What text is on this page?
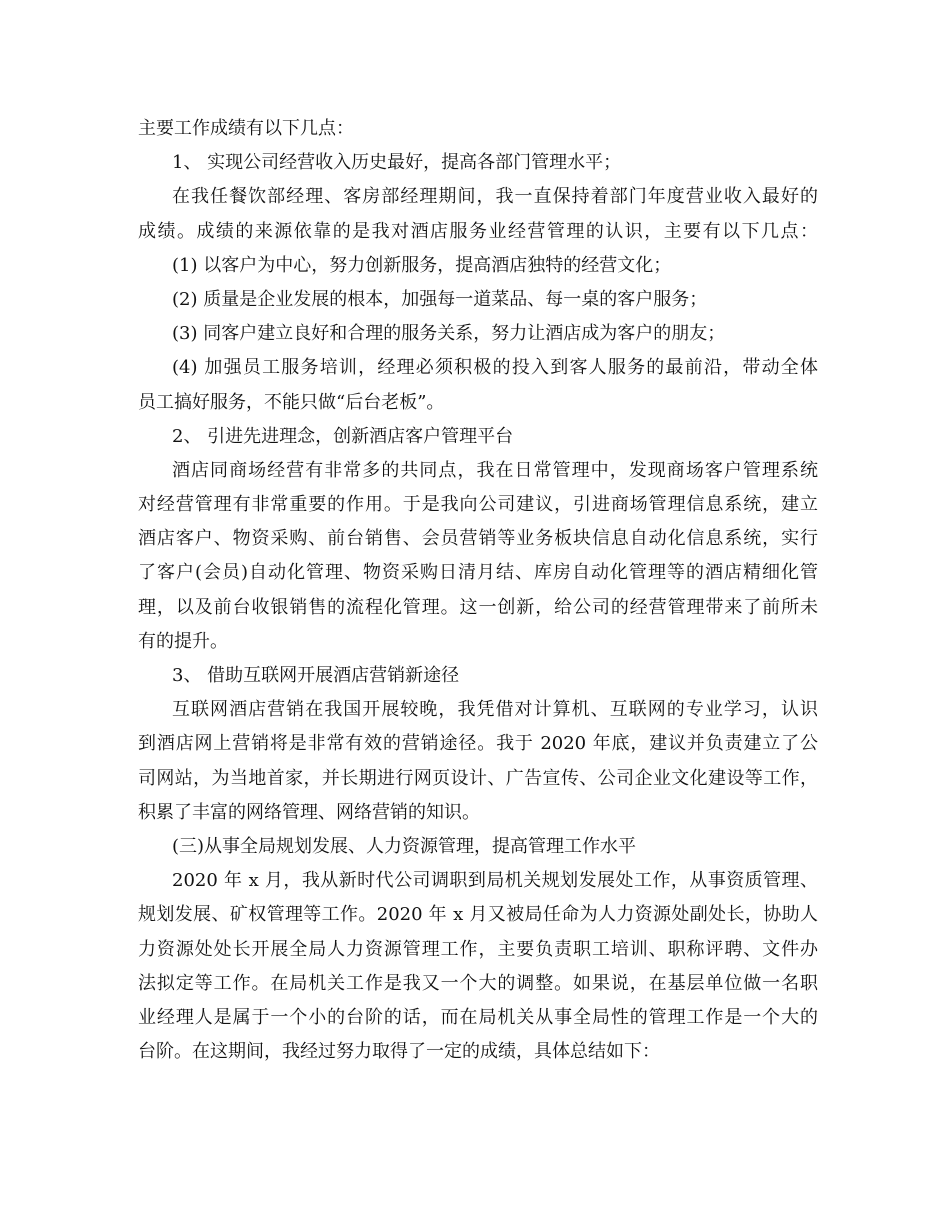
主要工作成绩有以下几点：
1、 实现公司经营收入历史最好，提高各部门管理水平；
在我任餐饮部经理、客房部经理期间，我一直保持着部门年度营业收入最好的
成绩。成绩的来源依靠的是我对酒店服务业经营管理的认识，主要有以下几点：
(1) 以客户为中心，努力创新服务，提高酒店独特的经营文化；
(2) 质量是企业发展的根本，加强每一道菜品、每一桌的客户服务；
(3) 同客户建立良好和合理的服务关系，努力让酒店成为客户的朋友；
(4) 加强员工服务培训，经理必须积极的投入到客人服务的最前沿，带动全体
员工搞好服务，不能只做“后台老板”。
2、 引进先进理念，创新酒店客户管理平台
酒店同商场经营有非常多的共同点，我在日常管理中，发现商场客户管理系统
对经营管理有非常重要的作用。于是我向公司建议，引进商场管理信息系统，建立
酒店客户、物资采购、前台销售、会员营销等业务板块信息自动化信息系统，实行
了客户(会员)自动化管理、物资采购日清月结、库房自动化管理等的酒店精细化管
理，以及前台收银销售的流程化管理。这一创新，给公司的经营管理带来了前所未
有的提升。
3、 借助互联网开展酒店营销新途径
互联网酒店营销在我国开展较晚，我凭借对计算机、互联网的专业学习，认识
到酒店网上营销将是非常有效的营销途径。我于 2020 年底，建议并负责建立了公
司网站，为当地首家，并长期进行网页设计、广告宣传、公司企业文化建设等工作，
积累了丰富的网络管理、网络营销的知识。
(三)从事全局规划发展、人力资源管理，提高管理工作水平
2020 年 x 月，我从新时代公司调职到局机关规划发展处工作，从事资质管理、
规划发展、矿权管理等工作。2020 年 x 月又被局任命为人力资源处副处长，协助人
力资源处处长开展全局人力资源管理工作，主要负责职工培训、职称评聘、文件办
法拟定等工作。在局机关工作是我又一个大的调整。如果说，在基层单位做一名职
业经理人是属于一个小的台阶的话，而在局机关从事全局性的管理工作是一个大的
台阶。在这期间，我经过努力取得了一定的成绩，具体总结如下：
